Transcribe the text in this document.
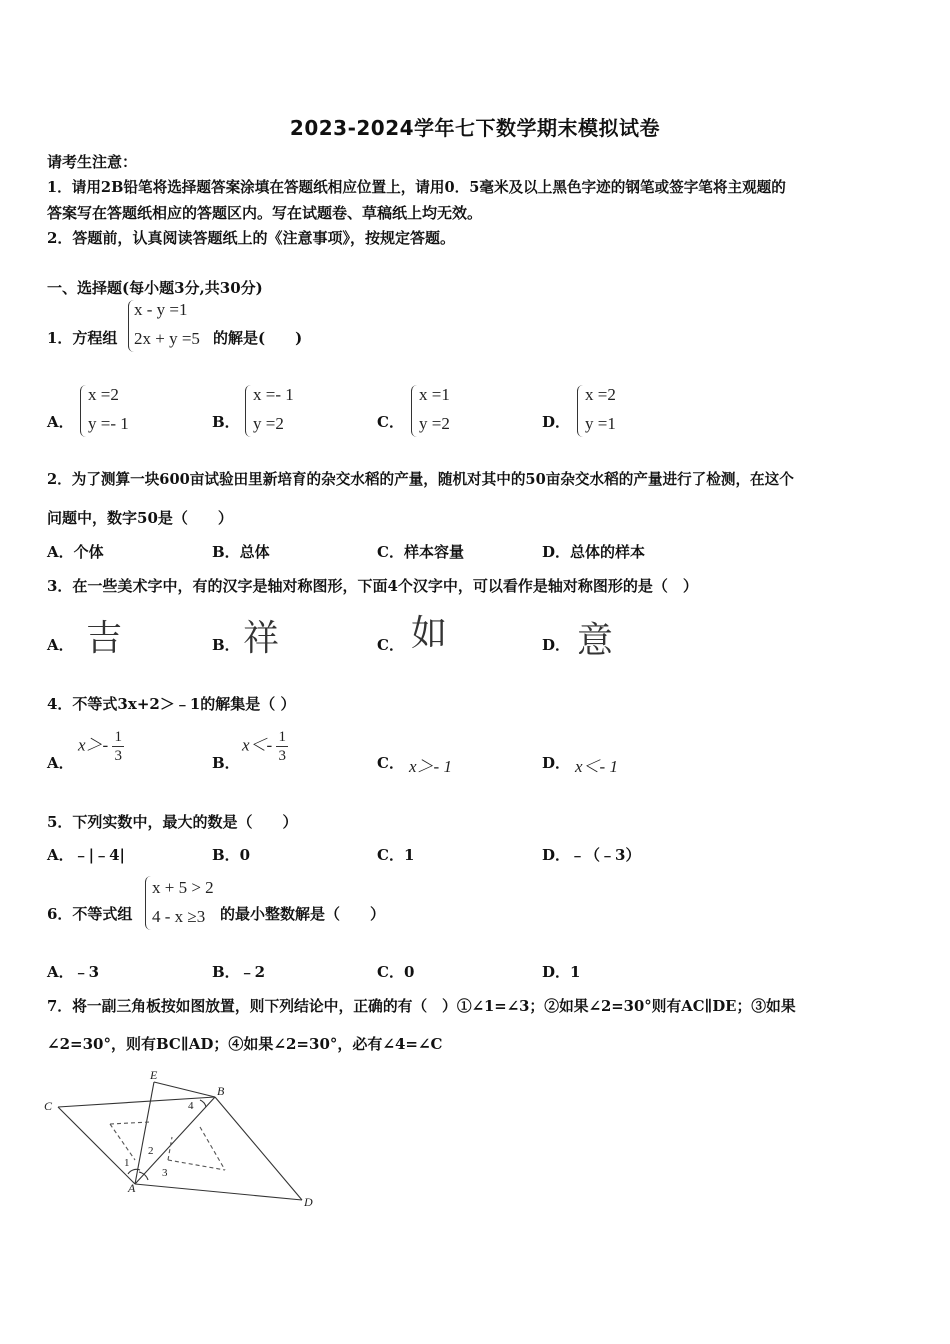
2023-2024学年七下数学期末模拟试卷
请考生注意：
1．请用2B铅笔将选择题答案涂填在答题纸相应位置上，请用0．5毫米及以上黑色字迹的钢笔或签字笔将主观题的
答案写在答题纸相应的答题区内。写在试题卷、草稿纸上均无效。
2．答题前，认真阅读答题纸上的《注意事项》，按规定答题。
一、选择题(每小题3分,共30分)
1．方程组
x - y =1
2x + y =5 的解是(　　)
A．
x =2
y =- 1	B．
x =- 1
y =2	C．
x =1
y =2	D．
x =2
y =1
2．为了测算一块600亩试验田里新培育的杂交水稻的产量，随机对其中的50亩杂交水稻的产量进行了检测，在这个
问题中，数字50是（　　）
A．个体	B．总体	C．样本容量	D．总体的样本
3．在一些美术字中，有的汉字是轴对称图形，下面4个汉字中，可以看作是轴对称图形的是（　）
A． 吉	B． 祥	C． 如	D． 意
4．不等式3x+2＞﹣1的解集是（ ）
A．
$x>- \frac{1}{3}$	B．
$x<- \frac{1}{3}$	C． x＞- 1	D． x＜- 1
5．下列实数中，最大的数是（　　）
A．﹣|﹣4|	B．0	C．1	D．﹣（﹣3）
6．不等式组
x + 5 > 2
4 - x ≥3 的最小整数解是（　　）
A．﹣3	B．﹣2	C．0	D．1
7．将一副三角板按如图放置，则下列结论中，正确的有（　）①∠1=∠3；②如果∠2=30°则有AC∥DE；③如果
∠2=30°，则有BC∥AD；④如果∠2=30°，必有∠4=∠C
E
B
C
A
D
1
2
3
4
